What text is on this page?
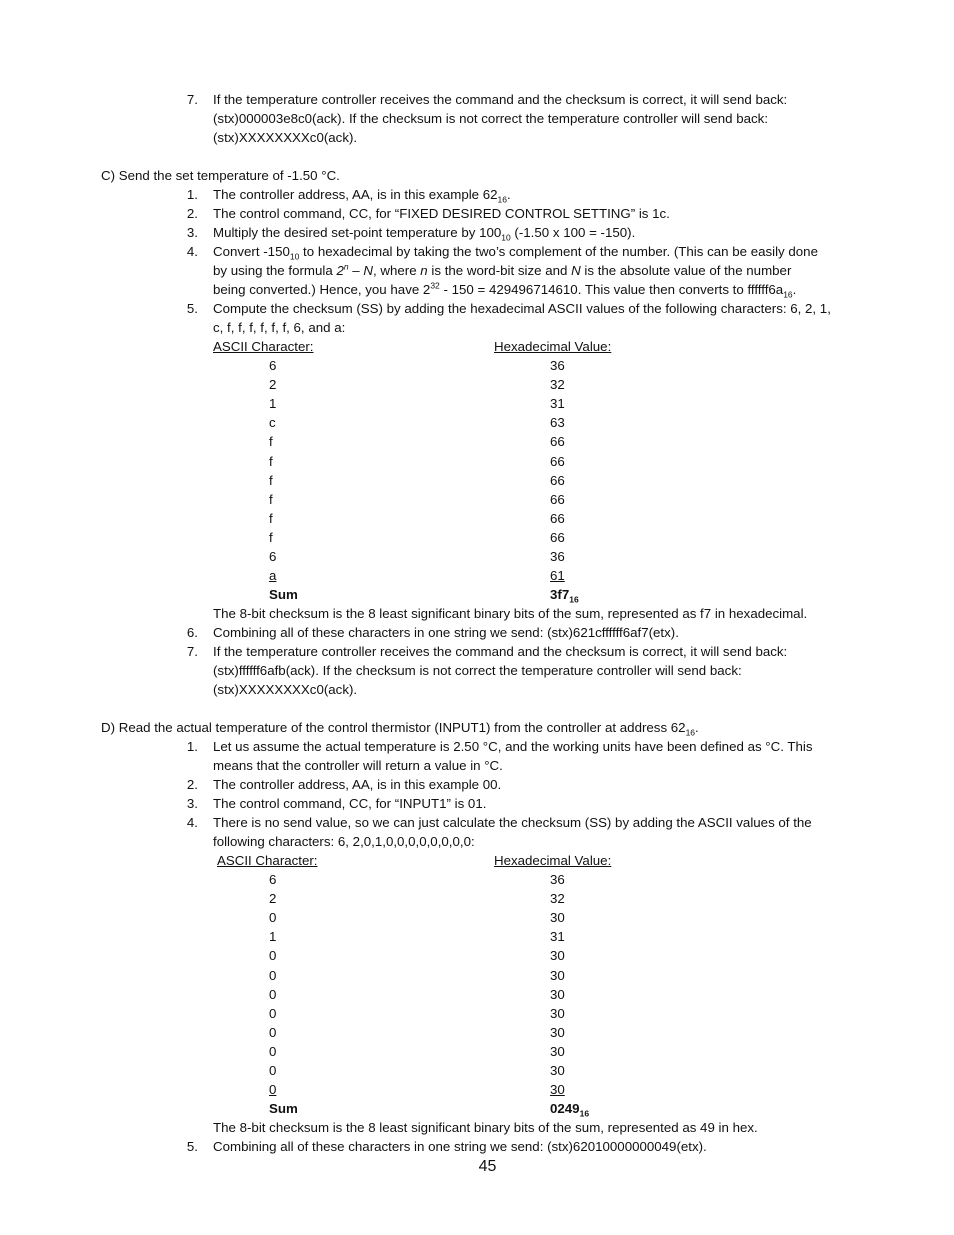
7. If the temperature controller receives the command and the checksum is correct, it will send back:
(stx)000003e8c0(ack). If the checksum is not correct the temperature controller will send back:
(stx)XXXXXXXXc0(ack).
C) Send the set temperature of -1.50 °C.
1. The controller address, AA, is in this example $62_{16}$.
2. The control command, CC, for “FIXED DESIRED CONTROL SETTING” is 1c.
3. Multiply the desired set-point temperature by $100_{10}$ (-1.50 x 100 = -150).
4. Convert $-150_{10}$ to hexadecimal by taking the two’s complement of the number. (This can be easily done
by using the formula 2$^n$ – N, where n is the word-bit size and N is the absolute value of the number
being converted.) Hence, you have $2^{32} - 150 = 429496714610$. This value then converts to $ffffff6a_{16}$.
5. Compute the checksum (SS) by adding the hexadecimal ASCII values of the following characters: 6, 2, 1,
c, f, f, f, f, f, f, 6, and a:
ASCII Character:	Hexadecimal Value:
6	36
2	32
1	31
c	63
f	66
f	66
f	66
f	66
f	66
f	66
6	36
a	61
Sum	$3f7_{16}$
The 8-bit checksum is the 8 least significant binary bits of the sum, represented as f7 in hexadecimal.
6. Combining all of these characters in one string we send: (stx)621cffffff6af7(etx).
7. If the temperature controller receives the command and the checksum is correct, it will send back:
(stx)ffffff6afb(ack). If the checksum is not correct the temperature controller will send back:
(stx)XXXXXXXXc0(ack).
D) Read the actual temperature of the control thermistor (INPUT1) from the controller at address $62_{16}$.
1. Let us assume the actual temperature is 2.50 °C, and the working units have been defined as °C. This
means that the controller will return a value in °C.
2. The controller address, AA, is in this example 00.
3. The control command, CC, for “INPUT1” is 01.
4. There is no send value, so we can just calculate the checksum (SS) by adding the ASCII values of the
following characters: 6, 2,0,1,0,0,0,0,0,0,0,0:
ASCII Character:	Hexadecimal Value:
6	36
2	32
0	30
1	31
0	30
0	30
0	30
0	30
0	30
0	30
0	30
0	30
Sum	$0249_{16}$
The 8-bit checksum is the 8 least significant binary bits of the sum, represented as 49 in hex.
5. Combining all of these characters in one string we send: (stx)62010000000049(etx).
45
